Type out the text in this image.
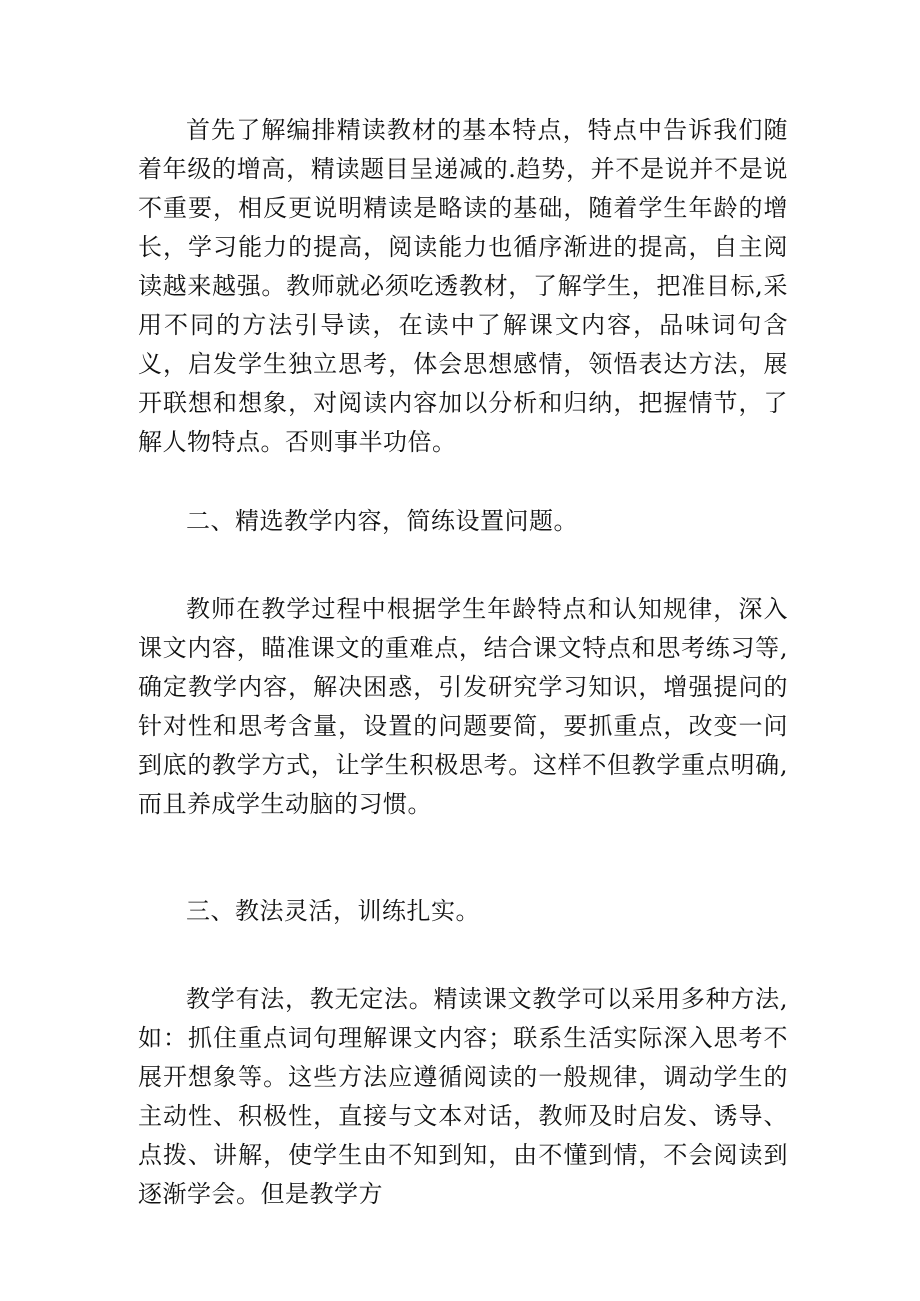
首先了解编排精读教材的基本特点，特点中告诉我们随着年级的增高，精读题目呈递减的.趋势，并不是说并不是说不重要，相反更说明精读是略读的基础，随着学生年龄的增长，学习能力的提高，阅读能力也循序渐进的提高，自主阅读越来越强。教师就必须吃透教材，了解学生，把准目标,采用不同的方法引导读，在读中了解课文内容，品味词句含义，启发学生独立思考，体会思想感情，领悟表达方法，展开联想和想象，对阅读内容加以分析和归纳，把握情节，了解人物特点。否则事半功倍。

二、精选教学内容，简练设置问题。

教师在教学过程中根据学生年龄特点和认知规律，深入课文内容，瞄准课文的重难点，结合课文特点和思考练习等,确定教学内容，解决困惑，引发研究学习知识，增强提问的针对性和思考含量，设置的问题要简，要抓重点，改变一问到底的教学方式，让学生积极思考。这样不但教学重点明确,而且养成学生动脑的习惯。

三、教法灵活，训练扎实。

教学有法，教无定法。精读课文教学可以采用多种方法,如：抓住重点词句理解课文内容；联系生活实际深入思考不展开想象等。这些方法应遵循阅读的一般规律，调动学生的主动性、积极性，直接与文本对话，教师及时启发、诱导、点拨、讲解，使学生由不知到知，由不懂到情，不会阅读到逐渐学会。但是教学方
